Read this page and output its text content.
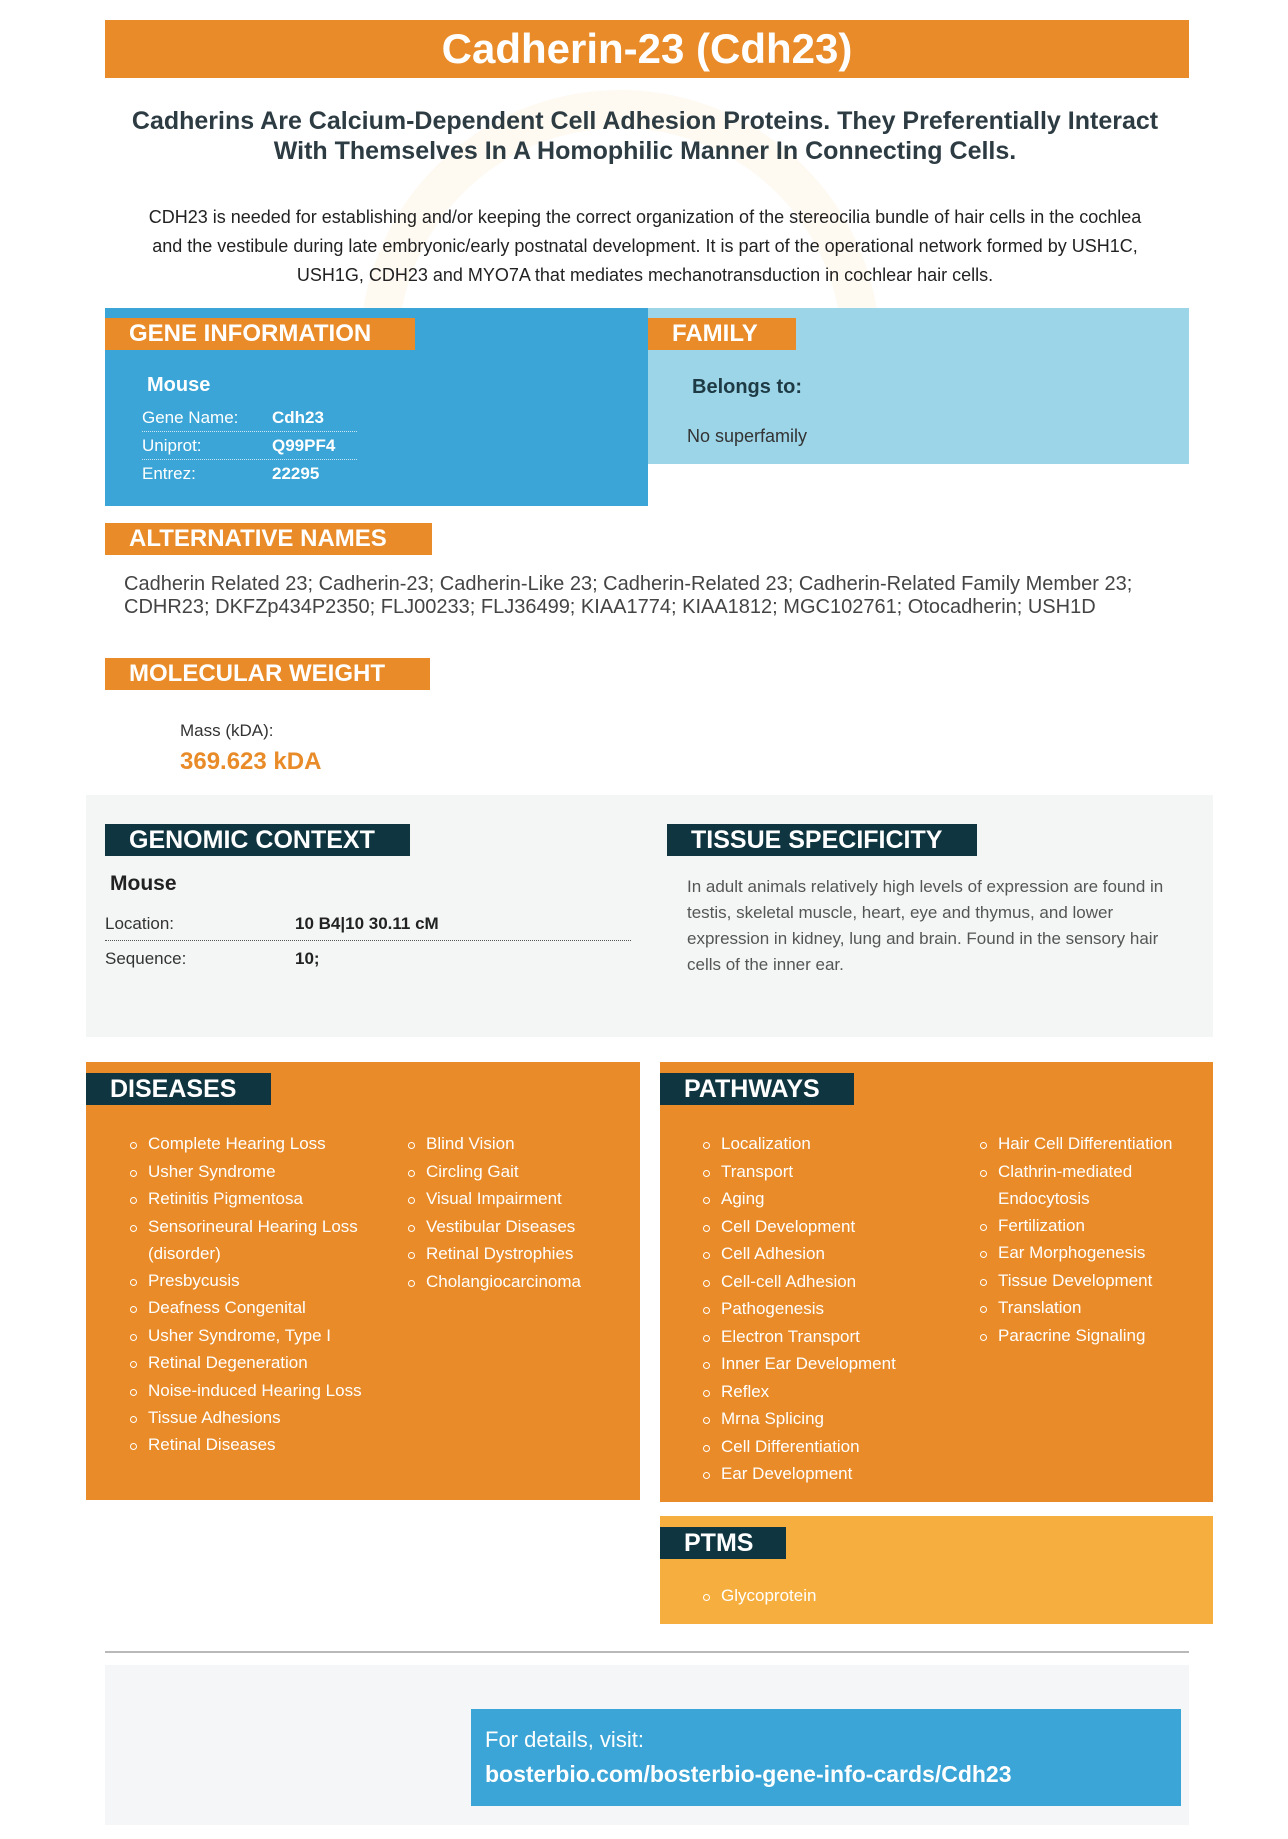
Cadherin-23 (Cdh23)
Cadherins Are Calcium-Dependent Cell Adhesion Proteins. They Preferentially Interact With Themselves In A Homophilic Manner In Connecting Cells.
CDH23 is needed for establishing and/or keeping the correct organization of the stereocilia bundle of hair cells in the cochlea and the vestibule during late embryonic/early postnatal development. It is part of the operational network formed by USH1C, USH1G, CDH23 and MYO7A that mediates mechanotransduction in cochlear hair cells.
Mouse
Gene Name:	Cdh23
Uniprot:	Q99PF4
Entrez:	22295
GENE INFORMATION	FAMILY
Belongs to:
No superfamily
ALTERNATIVE NAMES
Cadherin Related 23; Cadherin-23; Cadherin-Like 23; Cadherin-Related 23; Cadherin-Related Family Member 23; CDHR23; DKFZp434P2350; FLJ00233; FLJ36499; KIAA1774; KIAA1812; MGC102761; Otocadherin; USH1D
MOLECULAR WEIGHT
Mass (kDA):
369.623 kDA
GENOMIC CONTEXT	TISSUE SPECIFICITY
Mouse
Location:	10 B4|10 30.11 cM
Sequence:	10;
In adult animals relatively high levels of expression are found in testis, skeletal muscle, heart, eye and thymus, and lower expression in kidney, lung and brain. Found in the sensory hair cells of the inner ear.
DISEASES
Complete Hearing Loss
Usher Syndrome
Retinitis Pigmentosa
Sensorineural Hearing Loss (disorder)
Presbycusis
Deafness Congenital
Usher Syndrome, Type I
Retinal Degeneration
Noise-induced Hearing Loss
Tissue Adhesions
Retinal Diseases
Blind Vision
Circling Gait
Visual Impairment
Vestibular Diseases
Retinal Dystrophies
Cholangiocarcinoma
PATHWAYS
Localization
Transport
Aging
Cell Development
Cell Adhesion
Cell-cell Adhesion
Pathogenesis
Electron Transport
Inner Ear Development
Reflex
Mrna Splicing
Cell Differentiation
Ear Development
Hair Cell Differentiation
Clathrin-mediated Endocytosis
Fertilization
Ear Morphogenesis
Tissue Development
Translation
Paracrine Signaling
PTMS
Glycoprotein
For details, visit:
bosterbio.com/bosterbio-gene-info-cards/Cdh23
